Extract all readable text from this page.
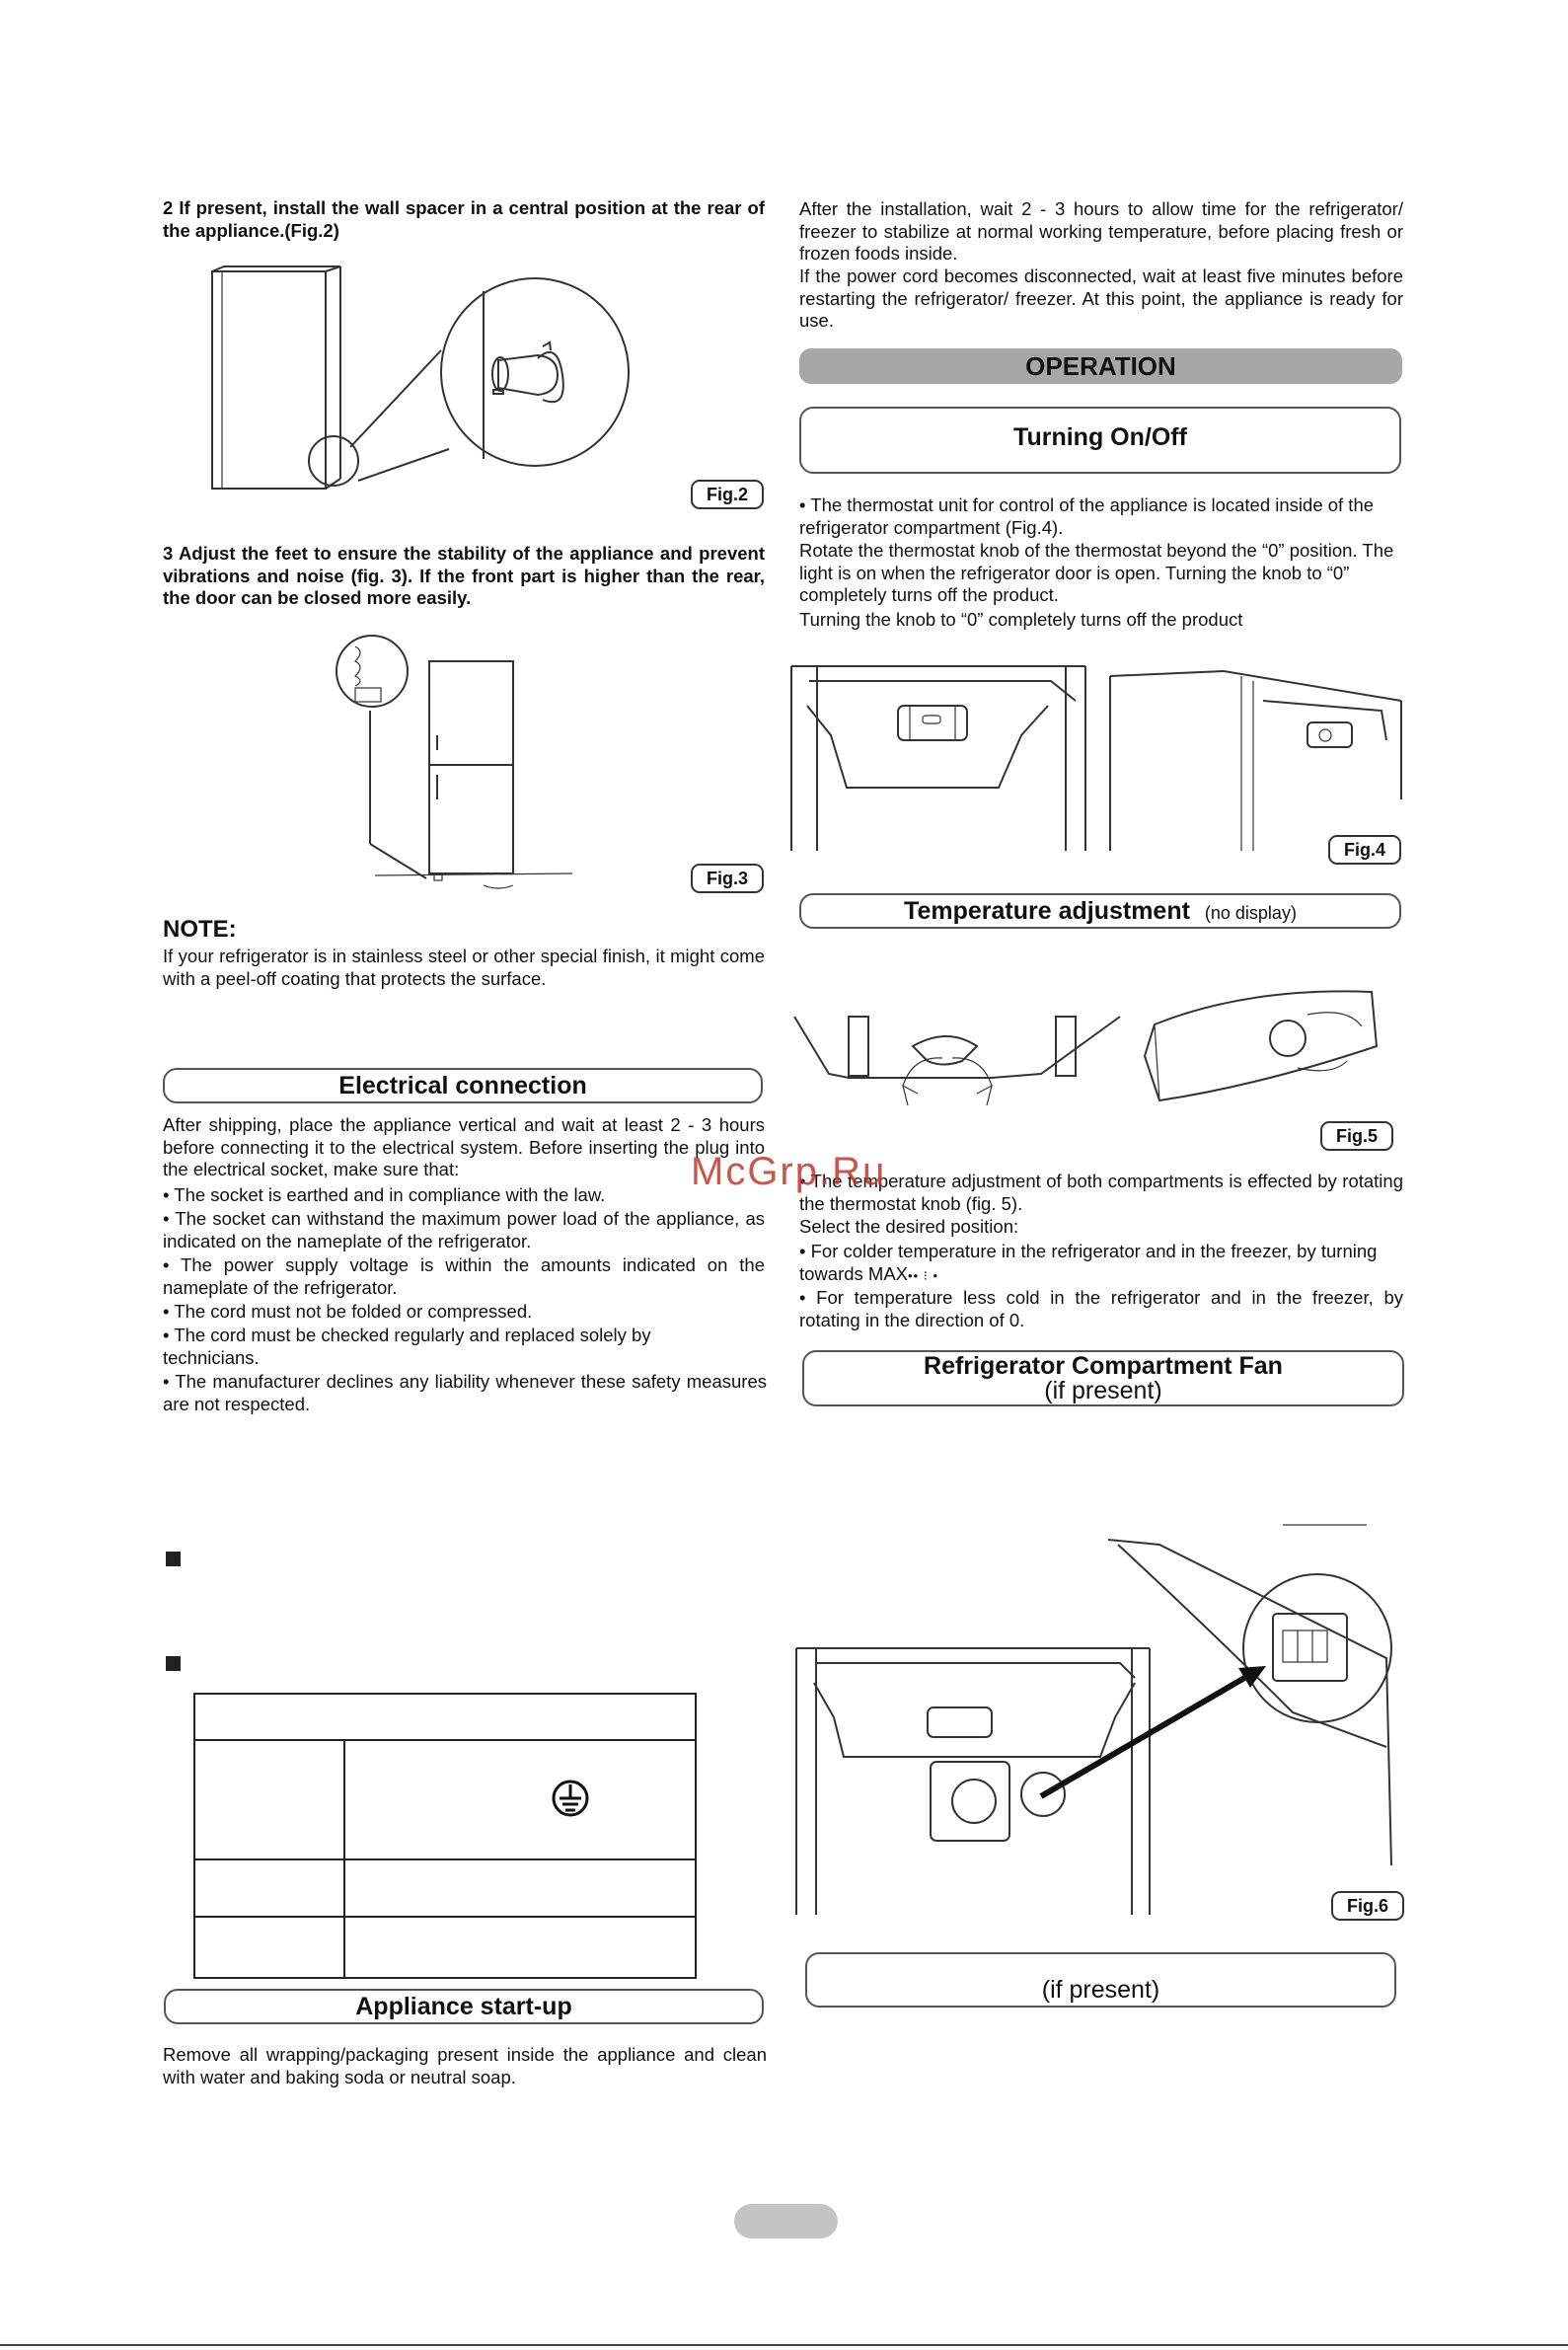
2 If present, install the wall spacer in a central position at the rear of the appliance.(Fig.2)

Fig.2

3 Adjust the feet to ensure the stability of the appliance and prevent vibrations and noise (fig. 3). If the front part is higher than the rear, the door can be closed more easily.

Fig.3

NOTE:

If your refrigerator is in stainless steel or other special finish, it might come with a peel-off coating that protects the surface.

Electrical connection

After shipping, place the appliance vertical and wait at least 2 - 3 hours before connecting it to the electrical system. Before inserting the plug into the electrical socket, make sure that:

• The socket is earthed and in compliance with the law.

• The socket can withstand the maximum power load of the appliance, as indicated on the nameplate of the refrigerator.

• The power supply voltage is within the amounts indicated on the nameplate of the refrigerator.

• The cord must not be folded or compressed.

• The cord must be checked regularly and replaced solely by technicians.

• The manufacturer declines any liability whenever these safety measures are not respected.

Appliance start-up

Remove all wrapping/packaging present inside the appliance and clean with water and baking soda or neutral soap.

After the installation, wait 2 - 3 hours to allow time for the refrigerator/ freezer to stabilize at normal working temperature, before placing fresh or frozen foods inside.

If the power cord becomes disconnected, wait at least five minutes before restarting the refrigerator/ freezer. At this point, the appliance is ready for use.

OPERATION
Turning On/Off

• The thermostat unit for control of the appliance is located inside of the refrigerator compartment (Fig.4).

Rotate the thermostat knob of the thermostat beyond the “0” position. The light is on when the refrigerator door is open. Turning the knob to “0” completely turns off the product.

Turning the knob to “0” completely turns off the product

Fig.4
Temperature adjustment (no display)
Fig.5

• The temperature adjustment of both compartments is effected by rotating the thermostat knob (fig. 5).

Select the desired position:

• For colder temperature in the refrigerator and in the freezer, by turning towards MAX•• ⁝ •

• For temperature less cold in the refrigerator and in the freezer, by rotating in the direction of 0.

Refrigerator Compartment Fan
(if present)
Fig.6
(if present)
McGrp.Ru
